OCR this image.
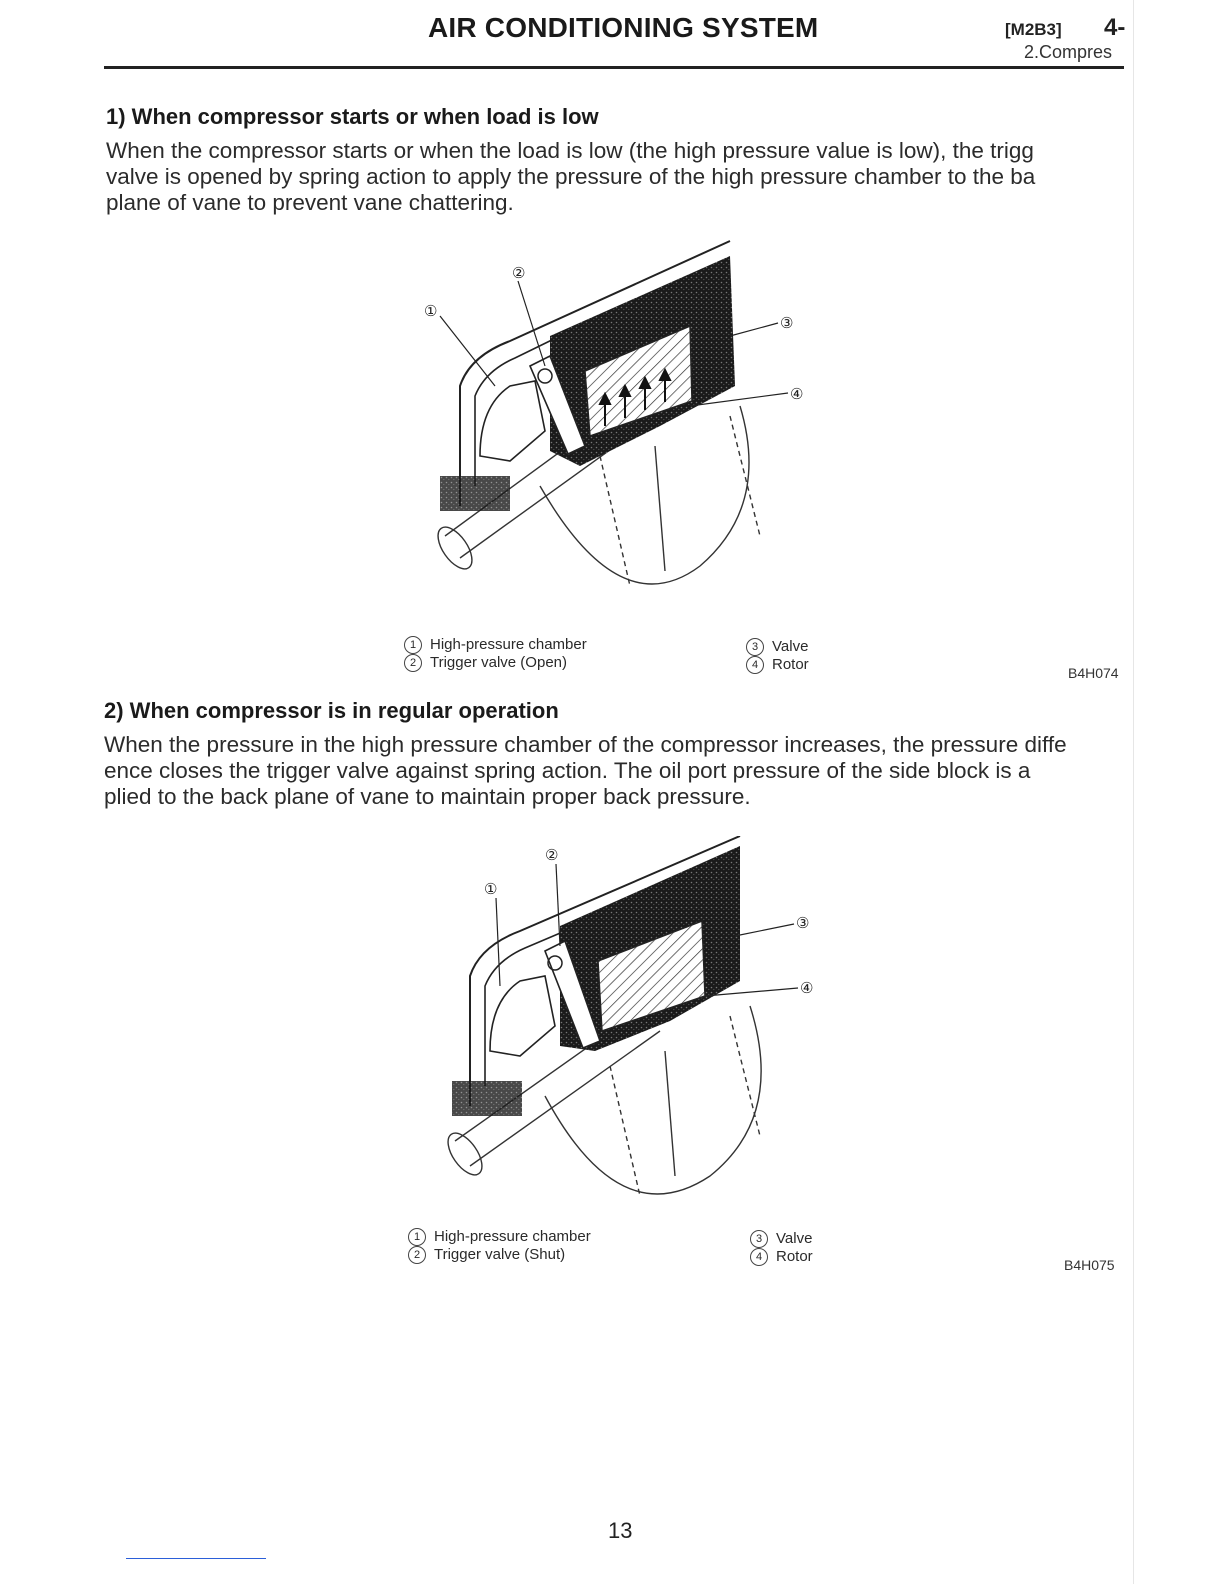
AIR CONDITIONING SYSTEM	[M2B3] 4-
2.Compres
1) When compressor starts or when load is low
When the compressor starts or when the load is low (the high pressure value is low), the trigg
valve is opened by spring action to apply the pressure of the high pressure chamber to the ba
plane of vane to prevent vane chattering.
②
①
③
④
1 High-pressure chamber
2 Trigger valve (Open)
3 Valve
4 Rotor	B4H074
2) When compressor is in regular operation
When the pressure in the high pressure chamber of the compressor increases, the pressure diffe
ence closes the trigger valve against spring action. The oil port pressure of the side block is a
plied to the back plane of vane to maintain proper back pressure.
②
①
③
④
1 High-pressure chamber
2 Trigger valve (Shut)
3 Valve
4 Rotor	B4H075
13
